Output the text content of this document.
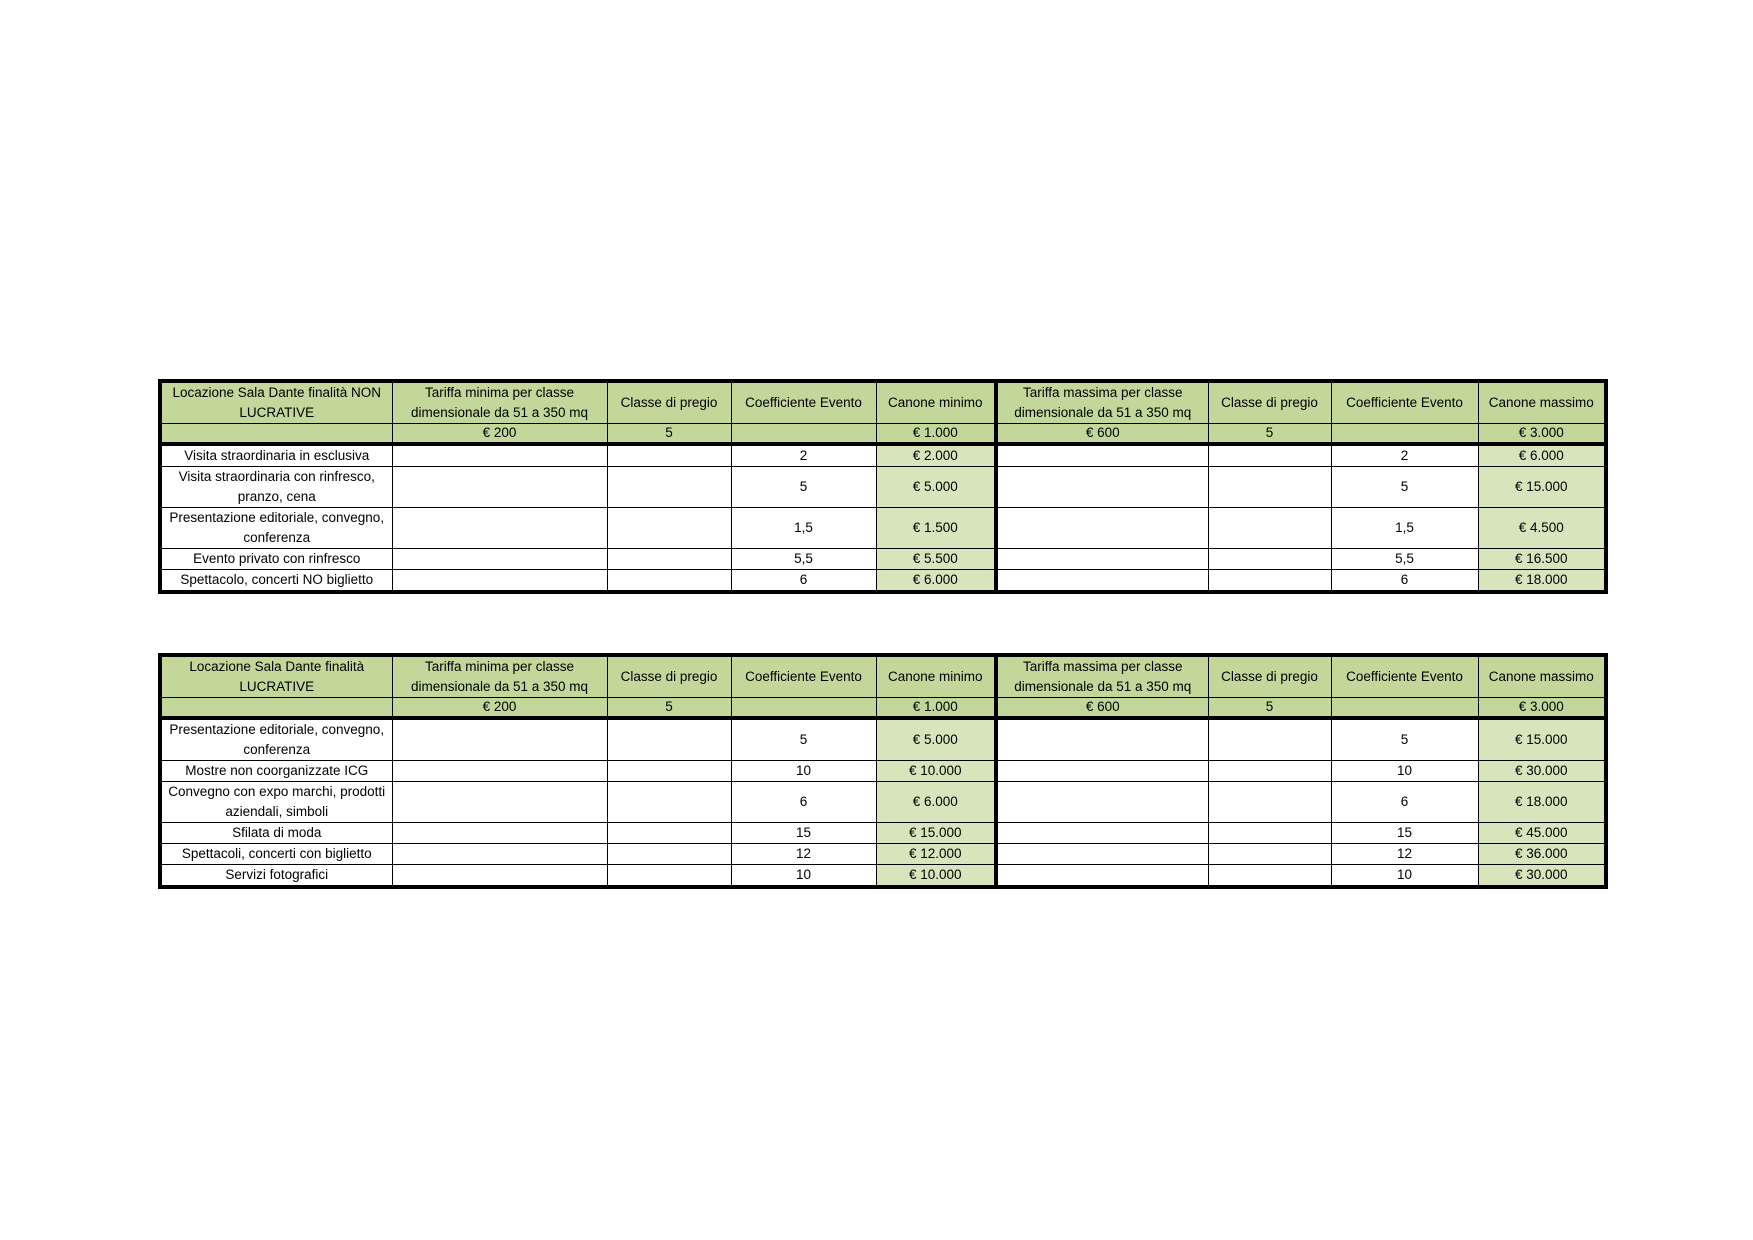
Locazione Sala Dante finalità NON LUCRATIVE	Tariffa minima per classe dimensionale da 51 a 350 mq	Classe di pregio	Coefficiente Evento	Canone minimo	Tariffa massima per classe dimensionale da 51 a 350 mq	Classe di pregio	Coefficiente Evento	Canone massimo
	€ 200	5		€ 1.000	€ 600	5		€ 3.000
Visita straordinaria in esclusiva			2	€ 2.000			2	€ 6.000
Visita straordinaria con rinfresco, pranzo, cena			5	€ 5.000			5	€ 15.000
Presentazione editoriale, convegno, conferenza			1,5	€ 1.500			1,5	€ 4.500
Evento privato con rinfresco			5,5	€ 5.500			5,5	€ 16.500
Spettacolo, concerti NO biglietto			6	€ 6.000			6	€ 18.000
Locazione Sala Dante finalità LUCRATIVE	Tariffa minima per classe dimensionale da 51 a 350 mq	Classe di pregio	Coefficiente Evento	Canone minimo	Tariffa massima per classe dimensionale da 51 a 350 mq	Classe di pregio	Coefficiente Evento	Canone massimo
	€ 200	5		€ 1.000	€ 600	5		€ 3.000
Presentazione editoriale, convegno, conferenza			5	€ 5.000			5	€ 15.000
Mostre non coorganizzate ICG			10	€ 10.000			10	€ 30.000
Convegno con expo marchi, prodotti aziendali, simboli			6	€ 6.000			6	€ 18.000
Sfilata di moda			15	€ 15.000			15	€ 45.000
Spettacoli, concerti con biglietto			12	€ 12.000			12	€ 36.000
Servizi fotografici			10	€ 10.000			10	€ 30.000
